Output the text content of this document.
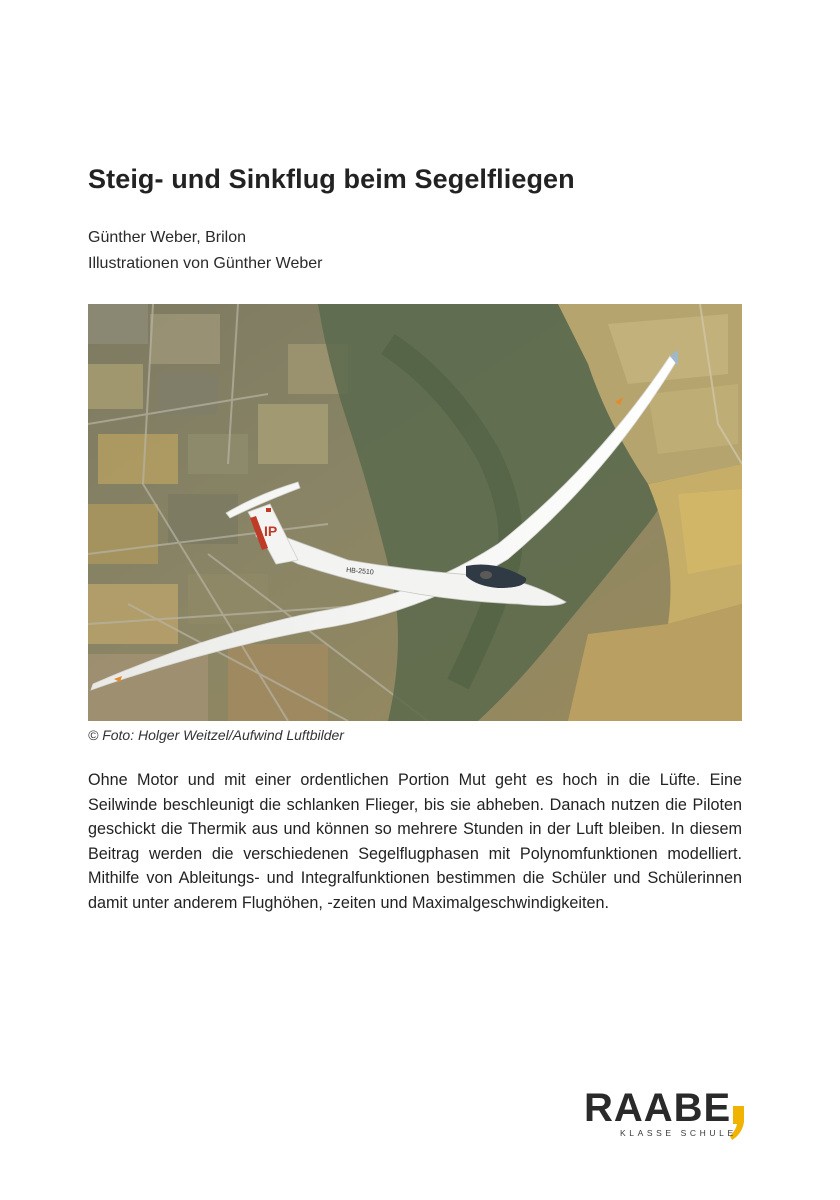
Steig- und Sinkflug beim Segelfliegen
Günther Weber, Brilon
Illustrationen von Günther Weber
IP
HB-2510
© Foto: Holger Weitzel/Aufwind Luftbilder

Ohne Motor und mit einer ordentlichen Portion Mut geht es hoch in die Lüfte. Eine Seilwinde beschleunigt die schlanken Flieger, bis sie abheben. Danach nutzen die Piloten geschickt die Thermik aus und können so mehrere Stunden in der Luft bleiben. In diesem Beitrag werden die verschiedenen Segelflugphasen mit Polynomfunktionen modelliert. Mithilfe von Ableitungs- und Integralfunktionen bestimmen die Schüler und Schülerinnen damit unter anderem Flughöhen, -zeiten und Maximalgeschwindigkeiten.

RAABE
KLASSE SCHULE
